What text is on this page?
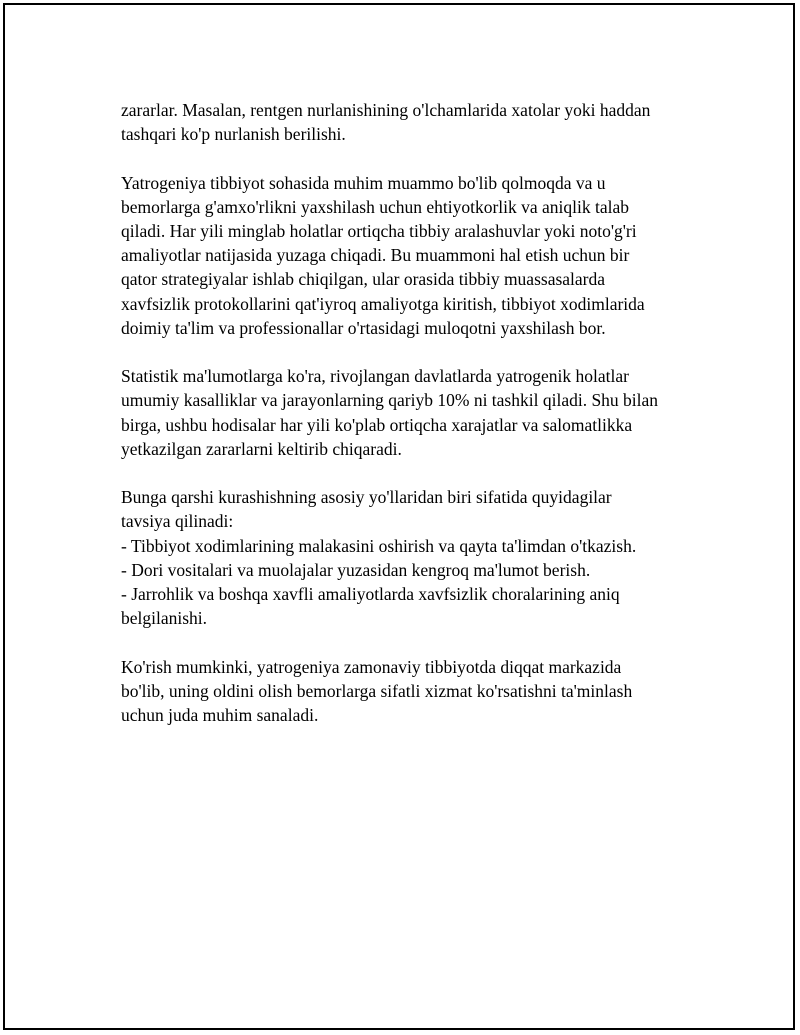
zararlar. Masalan, rentgen nurlanishining o'lchamlarida xatolar yoki haddan
tashqari ko'p nurlanish berilishi.

Yatrogeniya tibbiyot sohasida muhim muammo bo'lib qolmoqda va u
bemorlarga g'amxo'rlikni yaxshilash uchun ehtiyotkorlik va aniqlik talab
qiladi. Har yili minglab holatlar ortiqcha tibbiy aralashuvlar yoki noto'g'ri
amaliyotlar natijasida yuzaga chiqadi. Bu muammoni hal etish uchun bir
qator strategiyalar ishlab chiqilgan, ular orasida tibbiy muassasalarda
xavfsizlik protokollarini qat'iyroq amaliyotga kiritish, tibbiyot xodimlarida
doimiy ta'lim va professionallar o'rtasidagi muloqotni yaxshilash bor.

Statistik ma'lumotlarga ko'ra, rivojlangan davlatlarda yatrogenik holatlar
umumiy kasalliklar va jarayonlarning qariyb 10% ni tashkil qiladi. Shu bilan
birga, ushbu hodisalar har yili ko'plab ortiqcha xarajatlar va salomatlikka
yetkazilgan zararlarni keltirib chiqaradi.

Bunga qarshi kurashishning asosiy yo'llaridan biri sifatida quyidagilar
tavsiya qilinadi:
- Tibbiyot xodimlarining malakasini oshirish va qayta ta'limdan o'tkazish.
- Dori vositalari va muolajalar yuzasidan kengroq ma'lumot berish.
- Jarrohlik va boshqa xavfli amaliyotlarda xavfsizlik choralarining aniq
belgilanishi.

Ko'rish mumkinki, yatrogeniya zamonaviy tibbiyotda diqqat markazida
bo'lib, uning oldini olish bemorlarga sifatli xizmat ko'rsatishni ta'minlash
uchun juda muhim sanaladi.
